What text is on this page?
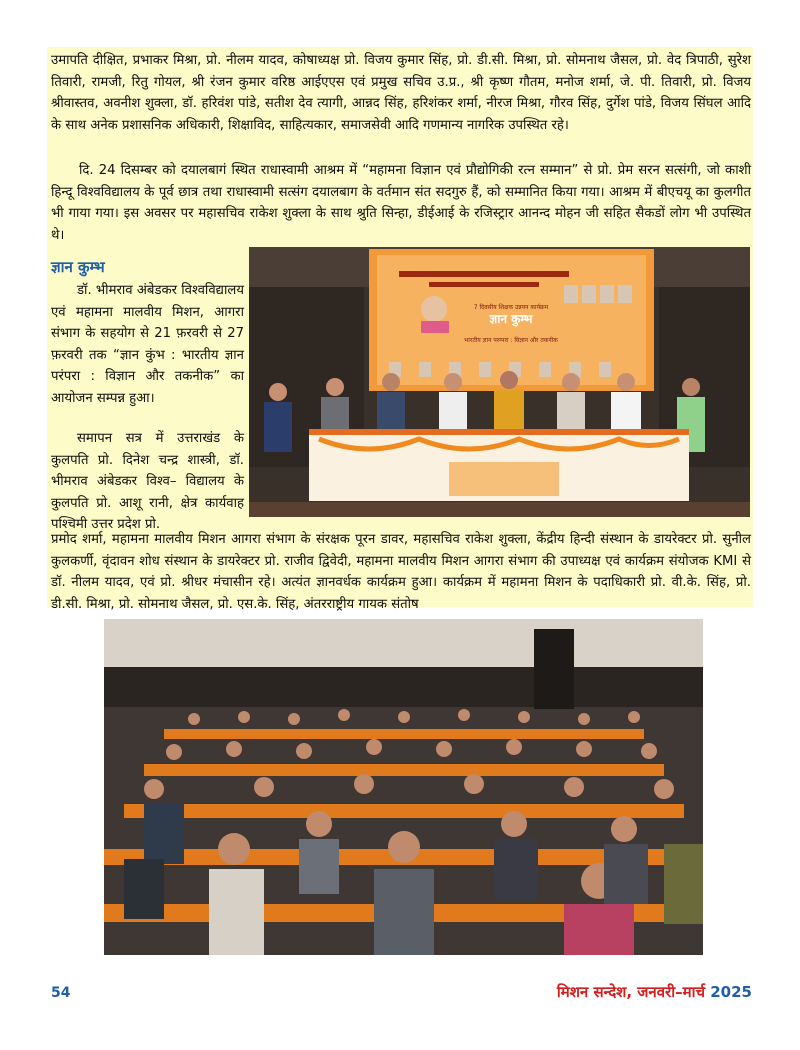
उमापति दीक्षित, प्रभाकर मिश्रा, प्रो. नीलम यादव, कोषाध्यक्ष प्रो. विजय कुमार सिंह, प्रो. डी.सी. मिश्रा, प्रो. सोमनाथ जैसल, प्रो. वेद त्रिपाठी, सुरेश तिवारी, रामजी, रितु गोयल, श्री रंजन कुमार वरिष्ठ आईएएस एवं प्रमुख सचिव उ.प्र., श्री कृष्ण गौतम, मनोज शर्मा, जे. पी. तिवारी, प्रो. विजय श्रीवास्तव, अवनीश शुक्ला, डॉ. हरिवंश पांडे, सतीश देव त्यागी, आन्नद सिंह, हरिशंकर शर्मा, नीरज मिश्रा, गौरव सिंह, दुर्गेश पांडे, विजय सिंघल आदि के साथ अनेक प्रशासनिक अधिकारी, शिक्षाविद, साहित्यकार, समाजसेवी आदि गणमान्य नागरिक उपस्थित रहे।

दि. 24 दिसम्बर को दयालबागं स्थित राधास्वामी आश्रम में “महामना विज्ञान एवं प्रौद्योगिकी रत्न सम्मान” से प्रो. प्रेम सरन सत्संगी, जो काशी हिन्दू विश्वविद्यालय के पूर्व छात्र तथा राधास्वामी सत्संग दयालबाग के वर्तमान संत सदगुरु हैं, को सम्मानित किया गया। आश्रम में बीएचयू का कुलगीत भी गाया गया। इस अवसर पर महासचिव राकेश शुक्ला के साथ श्रुति सिन्हा, डीईआई के रजिस्ट्रार आनन्द मोहन जी सहित सैकडों लोग भी उपस्थित थे।

ज्ञान कुम्भ

डॉ. भीमराव अंबेडकर विश्वविद्यालय एवं महामना मालवीय मिशन, आगरा संभाग के सहयोग से 21 फ़रवरी से 27 फ़रवरी तक “ज्ञान कुंभ : भारतीय ज्ञान परंपरा : विज्ञान और तकनीक” का आयोजन सम्पन्न हुआ।

समापन सत्र में उत्तराखंड के कुलपति प्रो. दिनेश चन्द्र शास्त्री, डॉ. भीमराव अंबेडकर विश्व– विद्यालय के कुलपति प्रो. आशू रानी, क्षेत्र कार्यवाह पश्चिमी उत्तर प्रदेश प्रो.

ज्ञान कुम्भ
7 दिवसीय शिक्षक उन्नयन कार्यक्रम
भारतीय ज्ञान परम्परा : विज्ञान और तकनीक

प्रमोद शर्मा, महामना मालवीय मिशन आगरा संभाग के संरक्षक पूरन डावर, महासचिव राकेश शुक्ला, केंद्रीय हिन्दी संस्थान के डायरेक्टर प्रो. सुनील कुलकर्णी, वृंदावन शोध संस्थान के डायरेक्टर प्रो. राजीव द्विवेदी, महामना मालवीय मिशन आगरा संभाग की उपाध्यक्ष एवं कार्यक्रम संयोजक KMI से डॉ. नीलम यादव, एवं प्रो. श्रीधर मंचासीन रहे। अत्यंत ज्ञानवर्धक कार्यक्रम हुआ। कार्यक्रम में महामना मिशन के पदाधिकारी प्रो. वी.के. सिंह, प्रो. डी.सी. मिश्रा, प्रो. सोमनाथ जैसल, प्रो. एस.के. सिंह, अंतरराष्ट्रीय गायक संतोष

54	मिशन सन्देश, जनवरी–मार्च 2025
